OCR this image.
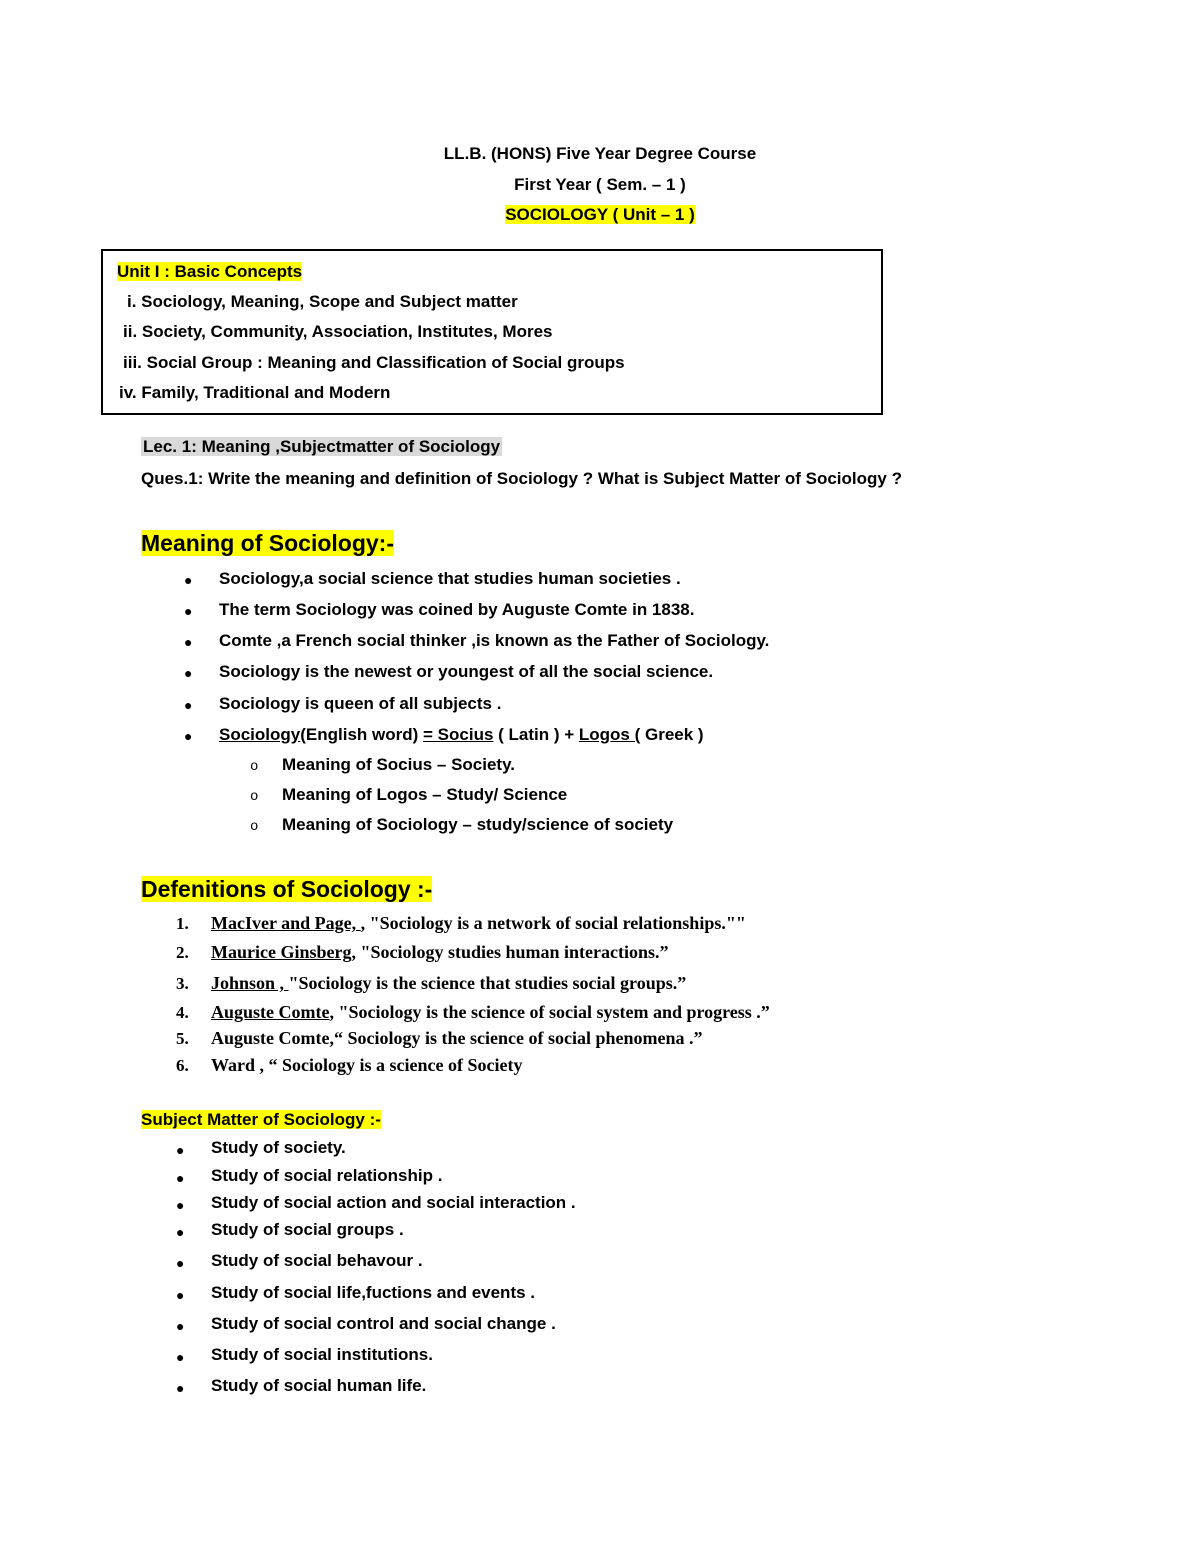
LL.B. (HONS) Five Year Degree Course
First Year ( Sem. – 1 )
SOCIOLOGY ( Unit – 1 )
Unit I : Basic Concepts
i. Sociology, Meaning, Scope and Subject matter
ii. Society, Community, Association, Institutes, Mores
iii. Social Group : Meaning and Classification of Social groups
iv. Family, Traditional and Modern
Lec. 1: Meaning ,Subjectmatter of Sociology
Ques.1: Write the meaning and definition of Sociology ? What is Subject Matter of Sociology ?
Meaning of Sociology:-
● Sociology,a social science that studies human societies .
● The term Sociology was coined by Auguste Comte in 1838.
● Comte ,a French social thinker ,is known as the Father of Sociology.
● Sociology is the newest or youngest of all the social science.
● Sociology is queen of all subjects .
● Sociology(English word) = Socius ( Latin ) + Logos ( Greek )
o Meaning of Socius – Society.
o Meaning of Logos – Study/ Science
o Meaning of Sociology – study/science of society
Defenitions of Sociology :-
1. MacIver and Page, , "Sociology is a network of social relationships.""
2. Maurice Ginsberg, "Sociology studies human interactions.”
3. Johnson , "Sociology is the science that studies social groups.”
4. Auguste Comte, "Sociology is the science of social system and progress .”
5. Auguste Comte,“ Sociology is the science of social phenomena .”
6. Ward , “ Sociology is a science of Society
Subject Matter of Sociology :-
● Study of society.
● Study of social relationship .
● Study of social action and social interaction .
● Study of social groups .
● Study of social behavour .
● Study of social life,fuctions and events .
● Study of social control and social change .
● Study of social institutions.
● Study of social human life.
